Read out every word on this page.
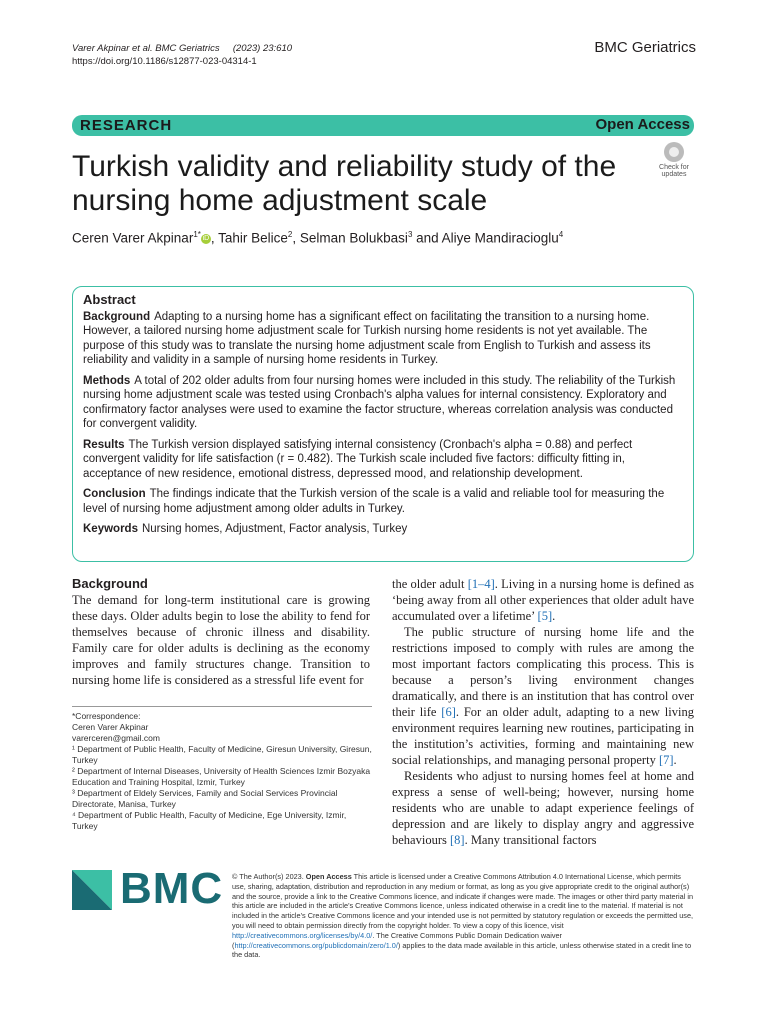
Varer Akpinar et al. BMC Geriatrics (2023) 23:610
https://doi.org/10.1186/s12877-023-04314-1
BMC Geriatrics
RESEARCH	Open Access
Turkish validity and reliability study of the nursing home adjustment scale
Check for
updates
Ceren Varer Akpinar$^{1*}$ iD , Tahir Belice$^2$, Selman Bolukbasi$^3$ and Aliye Mandiracioglu$^4$
Abstract

Background Adapting to a nursing home has a significant effect on facilitating the transition to a nursing home. However, a tailored nursing home adjustment scale for Turkish nursing home residents is not yet available. The purpose of this study was to translate the nursing home adjustment scale from English to Turkish and assess its reliability and validity in a sample of nursing home residents in Turkey.

Methods A total of 202 older adults from four nursing homes were included in this study. The reliability of the Turkish nursing home adjustment scale was tested using Cronbach's alpha values for internal consistency. Exploratory and confirmatory factor analyses were used to examine the factor structure, whereas correlation analysis was conducted for convergent validity.

Results The Turkish version displayed satisfying internal consistency (Cronbach's alpha = 0.88) and perfect convergent validity for life satisfaction (r = 0.482). The Turkish scale included five factors: difficulty fitting in, acceptance of new residence, emotional distress, depressed mood, and relationship development.

Conclusion The findings indicate that the Turkish version of the scale is a valid and reliable tool for measuring the level of nursing home adjustment among older adults in Turkey.

Keywords Nursing homes, Adjustment, Factor analysis, Turkey

Background

The demand for long-term institutional care is growing these days. Older adults begin to lose the ability to fend for themselves because of chronic illness and disability. Family care for older adults is declining as the economy improves and family structures change. Transition to nursing home life is considered as a stressful life event for

*Correspondence:

Ceren Varer Akpinar

varerceren@gmail.com

¹ Department of Public Health, Faculty of Medicine, Giresun University, Giresun, Turkey

² Department of Internal Diseases, University of Health Sciences Izmir Bozyaka Education and Training Hospital, Izmir, Turkey

³ Department of Eldely Services, Family and Social Services Provincial Directorate, Manisa, Turkey

⁴ Department of Public Health, Faculty of Medicine, Ege University, Izmir, Turkey

the older adult [1–4]. Living in a nursing home is defined as ‘being away from all other experiences that older adult have accumulated over a lifetime’ [5].

The public structure of nursing home life and the restrictions imposed to comply with rules are among the most important factors complicating this process. This is because a person’s living environment changes dramatically, and there is an institution that has control over their life [6]. For an older adult, adapting to a new living environment requires learning new routines, participating in the institution’s activities, forming and maintaining new social relationships, and managing personal property [7].

Residents who adjust to nursing homes feel at home and express a sense of well-being; however, nursing home residents who are unable to adapt experience feelings of depression and are likely to display angry and aggressive behaviours [8]. Many transitional factors

BMC © The Author(s) 2023. Open Access This article is licensed under a Creative Commons Attribution 4.0 International License, which permits use, sharing, adaptation, distribution and reproduction in any medium or format, as long as you give appropriate credit to the original author(s) and the source, provide a link to the Creative Commons licence, and indicate if changes were made. The images or other third party material in this article are included in the article’s Creative Commons licence, unless indicated otherwise in a credit line to the material. If material is not included in the article’s Creative Commons licence and your intended use is not permitted by statutory regulation or exceeds the permitted use, you will need to obtain permission directly from the copyright holder. To view a copy of this licence, visit http://creativecommons.org/licenses/by/4.0/. The Creative Commons Public Domain Dedication waiver (http://creativecommons.org/publicdomain/zero/1.0/) applies to the data made available in this article, unless otherwise stated in a credit line to the data.
